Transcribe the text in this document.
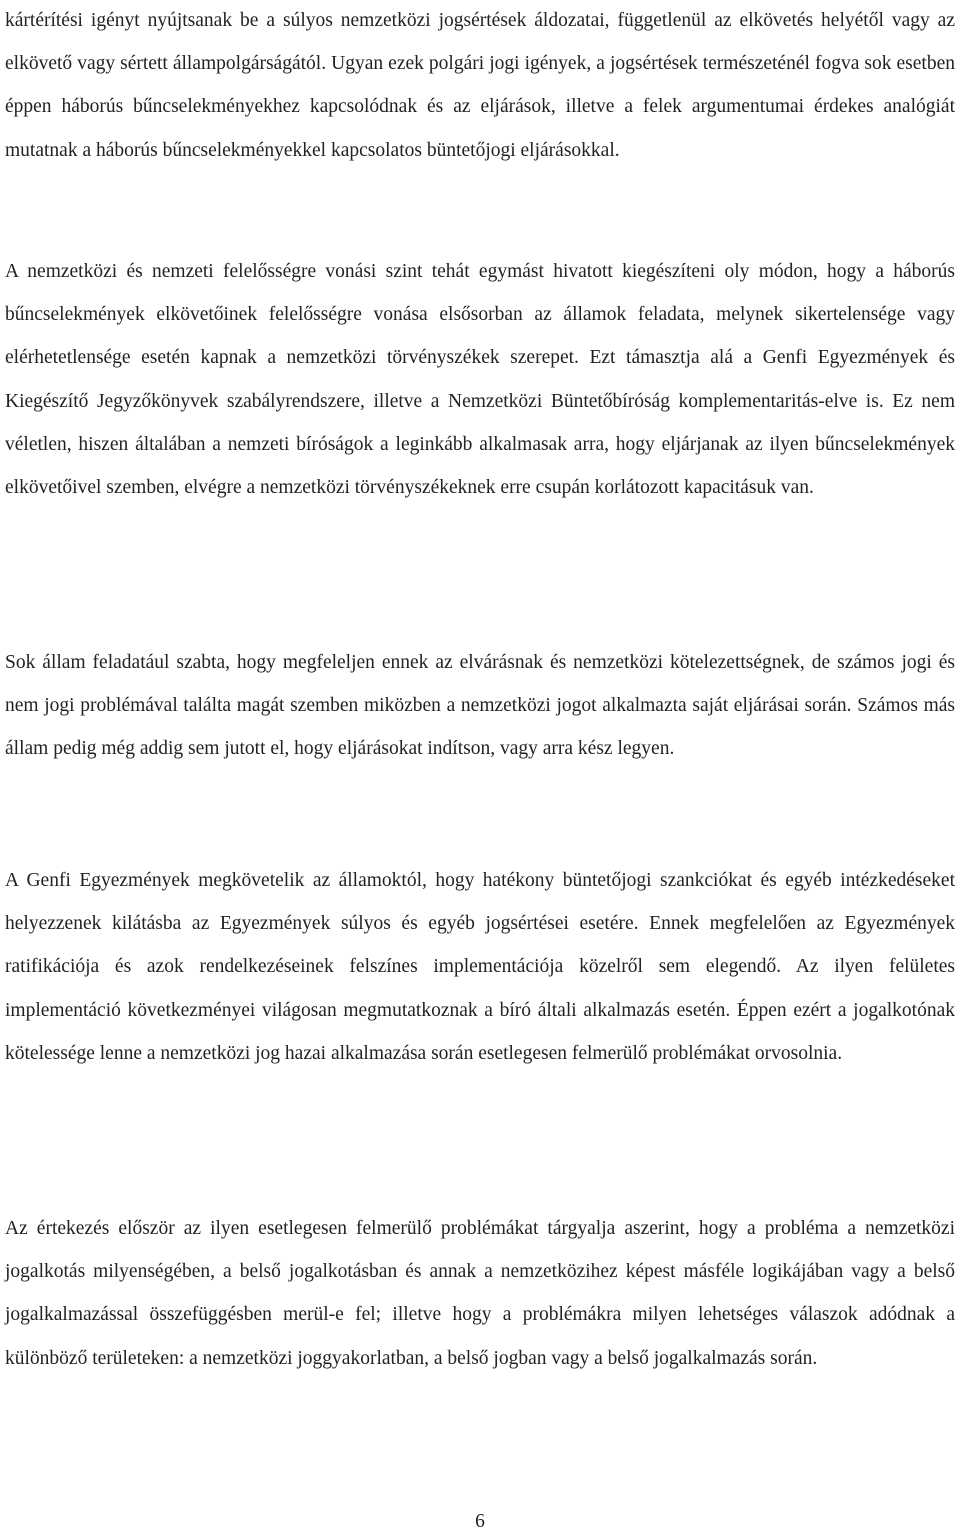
kártérítési igényt nyújtsanak be a súlyos nemzetközi jogsértések áldozatai, függetlenül az elkövetés helyétől vagy az elkövető vagy sértett állampolgárságától. Ugyan ezek polgári jogi igények, a jogsértések természeténél fogva sok esetben éppen háborús bűncselekményekhez kapcsolódnak és az eljárások, illetve a felek argumentumai érdekes analógiát mutatnak a háborús bűncselekményekkel kapcsolatos büntetőjogi eljárásokkal.

A nemzetközi és nemzeti felelősségre vonási szint tehát egymást hivatott kiegészíteni oly módon, hogy a háborús bűncselekmények elkövetőinek felelősségre vonása elsősorban az államok feladata, melynek sikertelensége vagy elérhetetlensége esetén kapnak a nemzetközi törvényszékek szerepet. Ezt támasztja alá a Genfi Egyezmények és Kiegészítő Jegyzőkönyvek szabályrendszere, illetve a Nemzetközi Büntetőbíróság komplementaritás-elve is. Ez nem véletlen, hiszen általában a nemzeti bíróságok a leginkább alkalmasak arra, hogy eljárjanak az ilyen bűncselekmények elkövetőivel szemben, elvégre a nemzetközi törvényszékeknek erre csupán korlátozott kapacitásuk van.

Sok állam feladatául szabta, hogy megfeleljen ennek az elvárásnak és nemzetközi kötelezettségnek, de számos jogi és nem jogi problémával találta magát szemben miközben a nemzetközi jogot alkalmazta saját eljárásai során. Számos más állam pedig még addig sem jutott el, hogy eljárásokat indítson, vagy arra kész legyen.

A Genfi Egyezmények megkövetelik az államoktól, hogy hatékony büntetőjogi szankciókat és egyéb intézkedéseket helyezzenek kilátásba az Egyezmények súlyos és egyéb jogsértései esetére. Ennek megfelelően az Egyezmények ratifikációja és azok rendelkezéseinek felszínes implementációja közelről sem elegendő. Az ilyen felületes implementáció következményei világosan megmutatkoznak a bíró általi alkalmazás esetén. Éppen ezért a jogalkotónak kötelessége lenne a nemzetközi jog hazai alkalmazása során esetlegesen felmerülő problémákat orvosolnia.

Az értekezés először az ilyen esetlegesen felmerülő problémákat tárgyalja aszerint, hogy a probléma a nemzetközi jogalkotás milyenségében, a belső jogalkotásban és annak a nemzetközihez képest másféle logikájában vagy a belső jogalkalmazással összefüggésben merül-e fel; illetve hogy a problémákra milyen lehetséges válaszok adódnak a különböző területeken: a nemzetközi joggyakorlatban, a belső jogban vagy a belső jogalkalmazás során.

6
